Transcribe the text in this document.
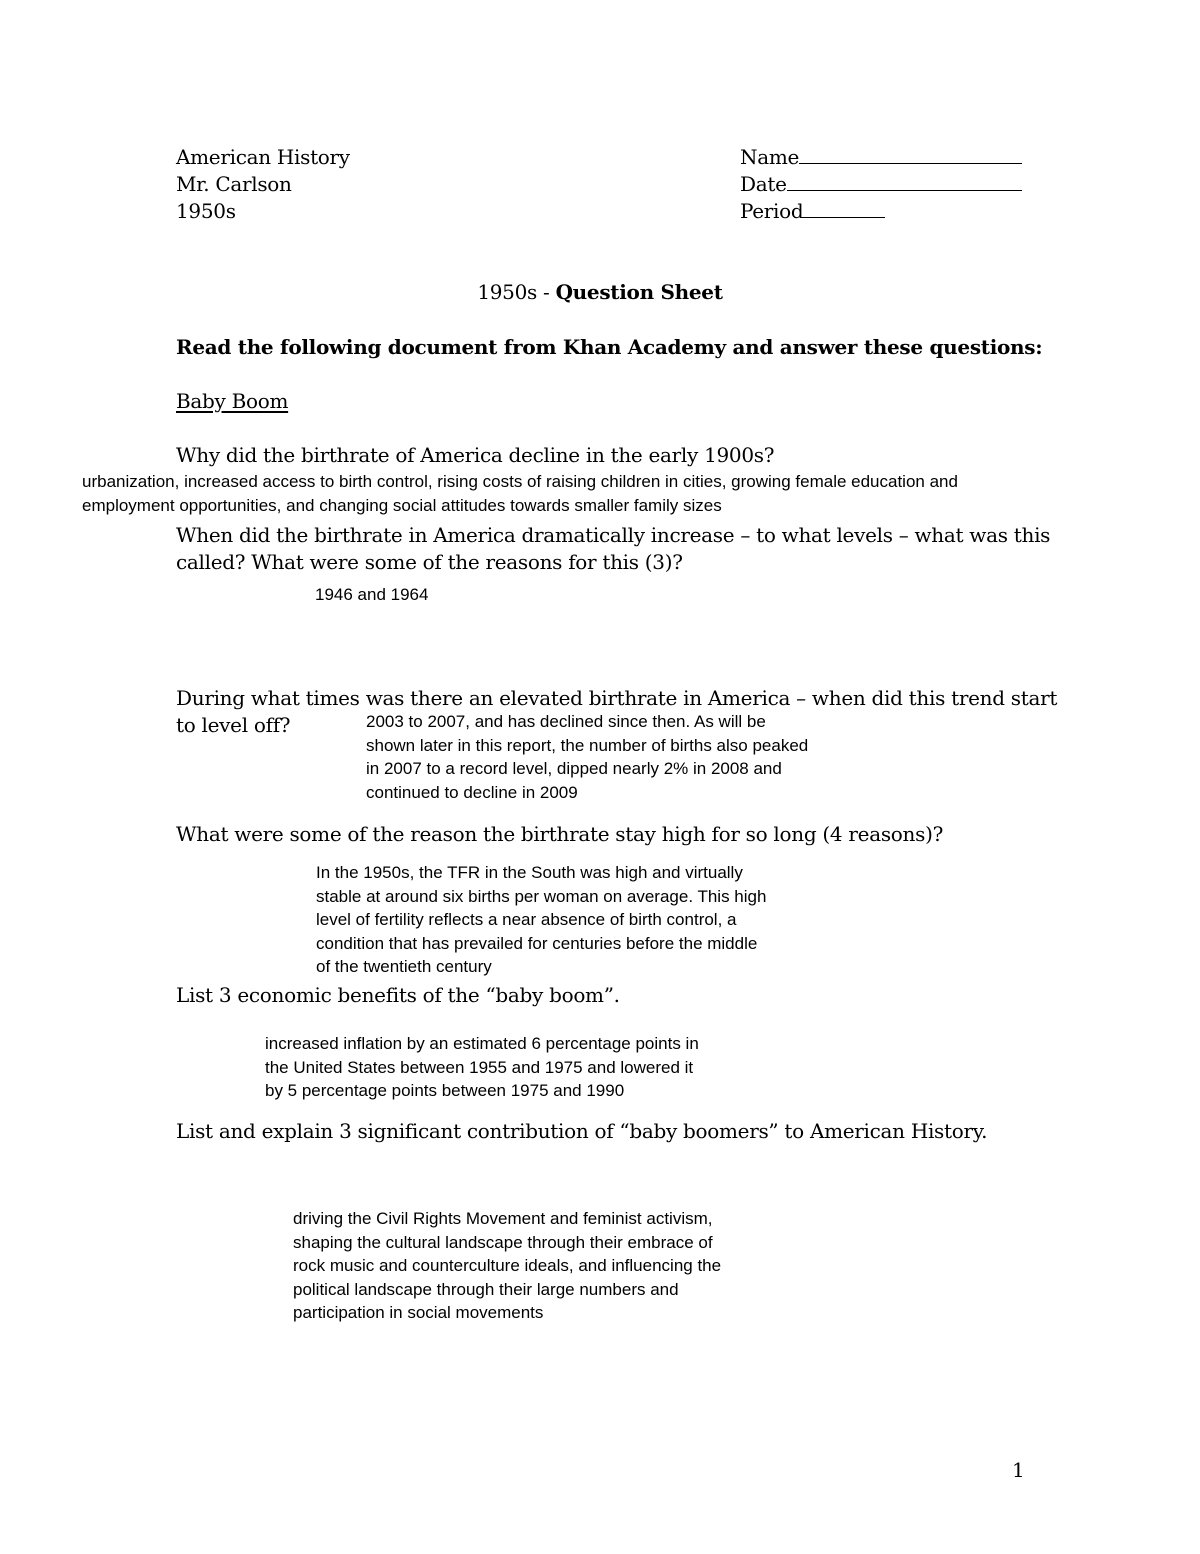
American History
Mr. Carlson
1950s
Name
Date
Period
1950s - Question Sheet
Read the following document from Khan Academy and answer these questions:
Baby Boom
Why did the birthrate of America decline in the early 1900s?
urbanization, increased access to birth control, rising costs of raising children in cities, growing female education and
employment opportunities, and changing social attitudes towards smaller family sizes
When did the birthrate in America dramatically increase – to what levels – what was this
called? What were some of the reasons for this (3)?
1946 and 1964
During what times was there an elevated birthrate in America – when did this trend start
to level off?	2003 to 2007, and has declined since then. As will be
shown later in this report, the number of births also peaked
in 2007 to a record level, dipped nearly 2% in 2008 and
continued to decline in 2009
What were some of the reason the birthrate stay high for so long (4 reasons)?
In the 1950s, the TFR in the South was high and virtually
stable at around six births per woman on average. This high
level of fertility reflects a near absence of birth control, a
condition that has prevailed for centuries before the middle
of the twentieth century
List 3 economic benefits of the “baby boom”.
increased inflation by an estimated 6 percentage points in
the United States between 1955 and 1975 and lowered it
by 5 percentage points between 1975 and 1990
List and explain 3 significant contribution of “baby boomers” to American History.
driving the Civil Rights Movement and feminist activism,
shaping the cultural landscape through their embrace of
rock music and counterculture ideals, and influencing the
political landscape through their large numbers and
participation in social movements
1
